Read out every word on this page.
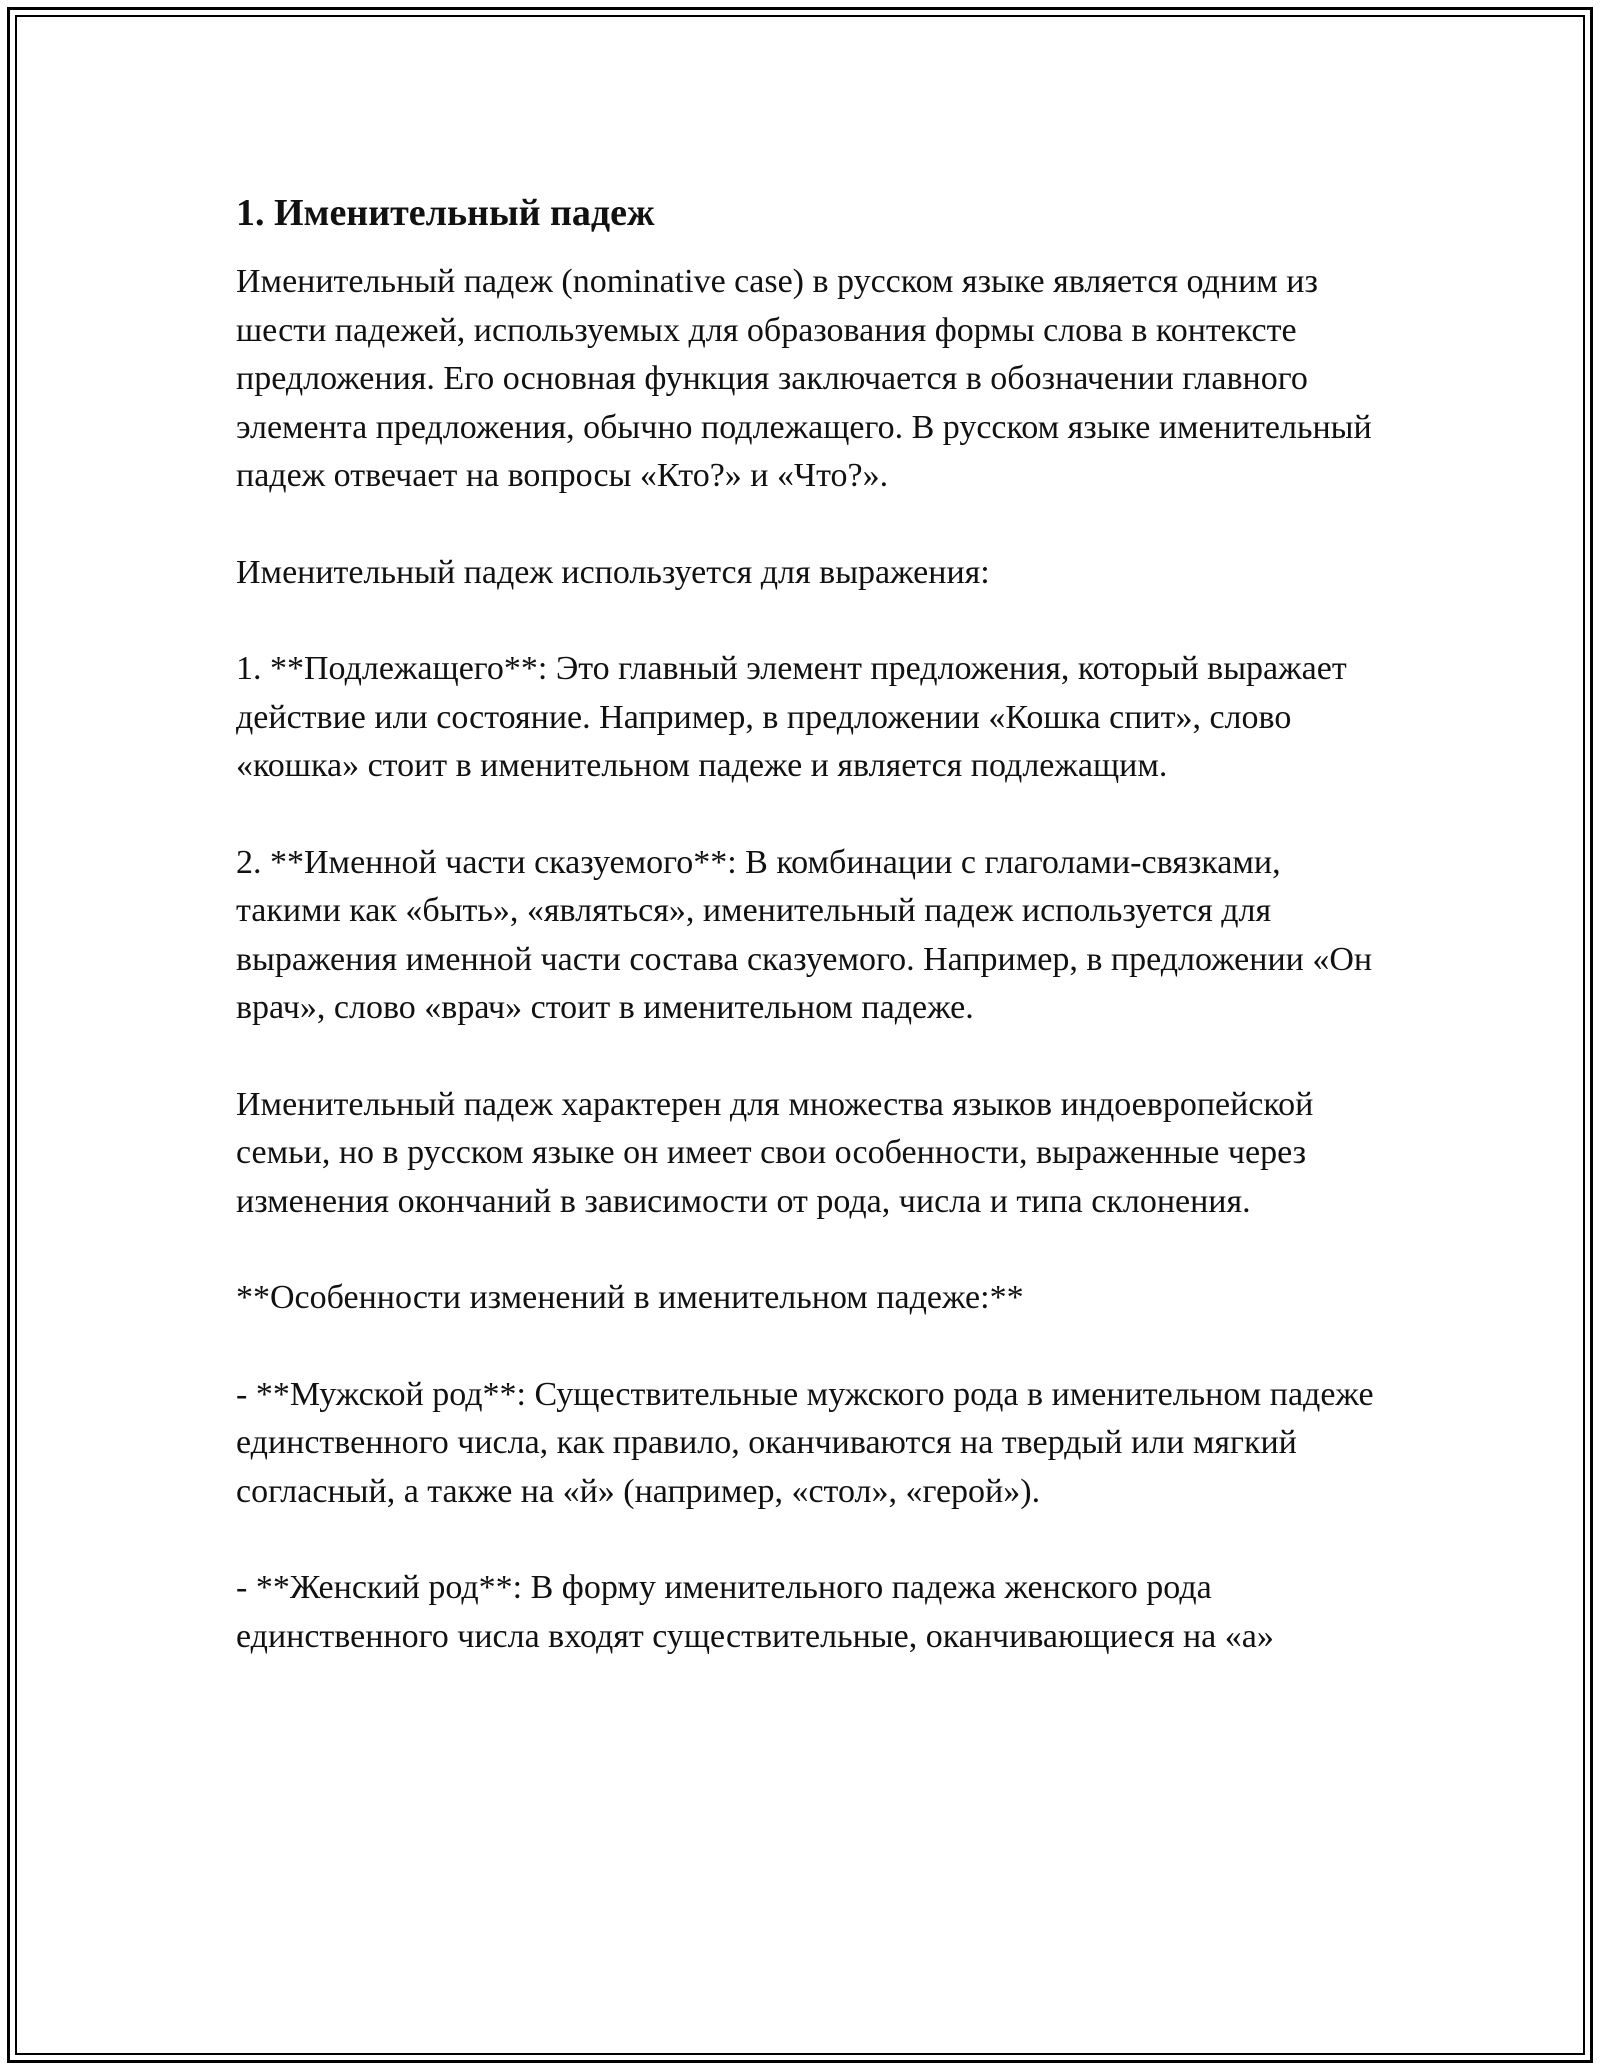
1. Именительный падеж

Именительный падеж (nominative case) в русском языке является одним из шести падежей, используемых для образования формы слова в контексте предложения. Его основная функция заключается в обозначении главного элемента предложения, обычно подлежащего. В русском языке именительный падеж отвечает на вопросы «Кто?» и «Что?».

Именительный падеж используется для выражения:

1. **Подлежащего**: Это главный элемент предложения, который выражает действие или состояние. Например, в предложении «Кошка спит», слово «кошка» стоит в именительном падеже и является подлежащим.

2. **Именной части сказуемого**: В комбинации с глаголами-связками, такими как «быть», «являться», именительный падеж используется для выражения именной части состава сказуемого. Например, в предложении «Он врач», слово «врач» стоит в именительном падеже.

Именительный падеж характерен для множества языков индоевропейской семьи, но в русском языке он имеет свои особенности, выраженные через изменения окончаний в зависимости от рода, числа и типа склонения.

**Особенности изменений в именительном падеже:**

- **Мужской род**: Существительные мужского рода в именительном падеже единственного числа, как правило, оканчиваются на твердый или мягкий согласный, а также на «й» (например, «стол», «герой»).

- **Женский род**: В форму именительного падежа женского рода единственного числа входят существительные, оканчивающиеся на «а»
